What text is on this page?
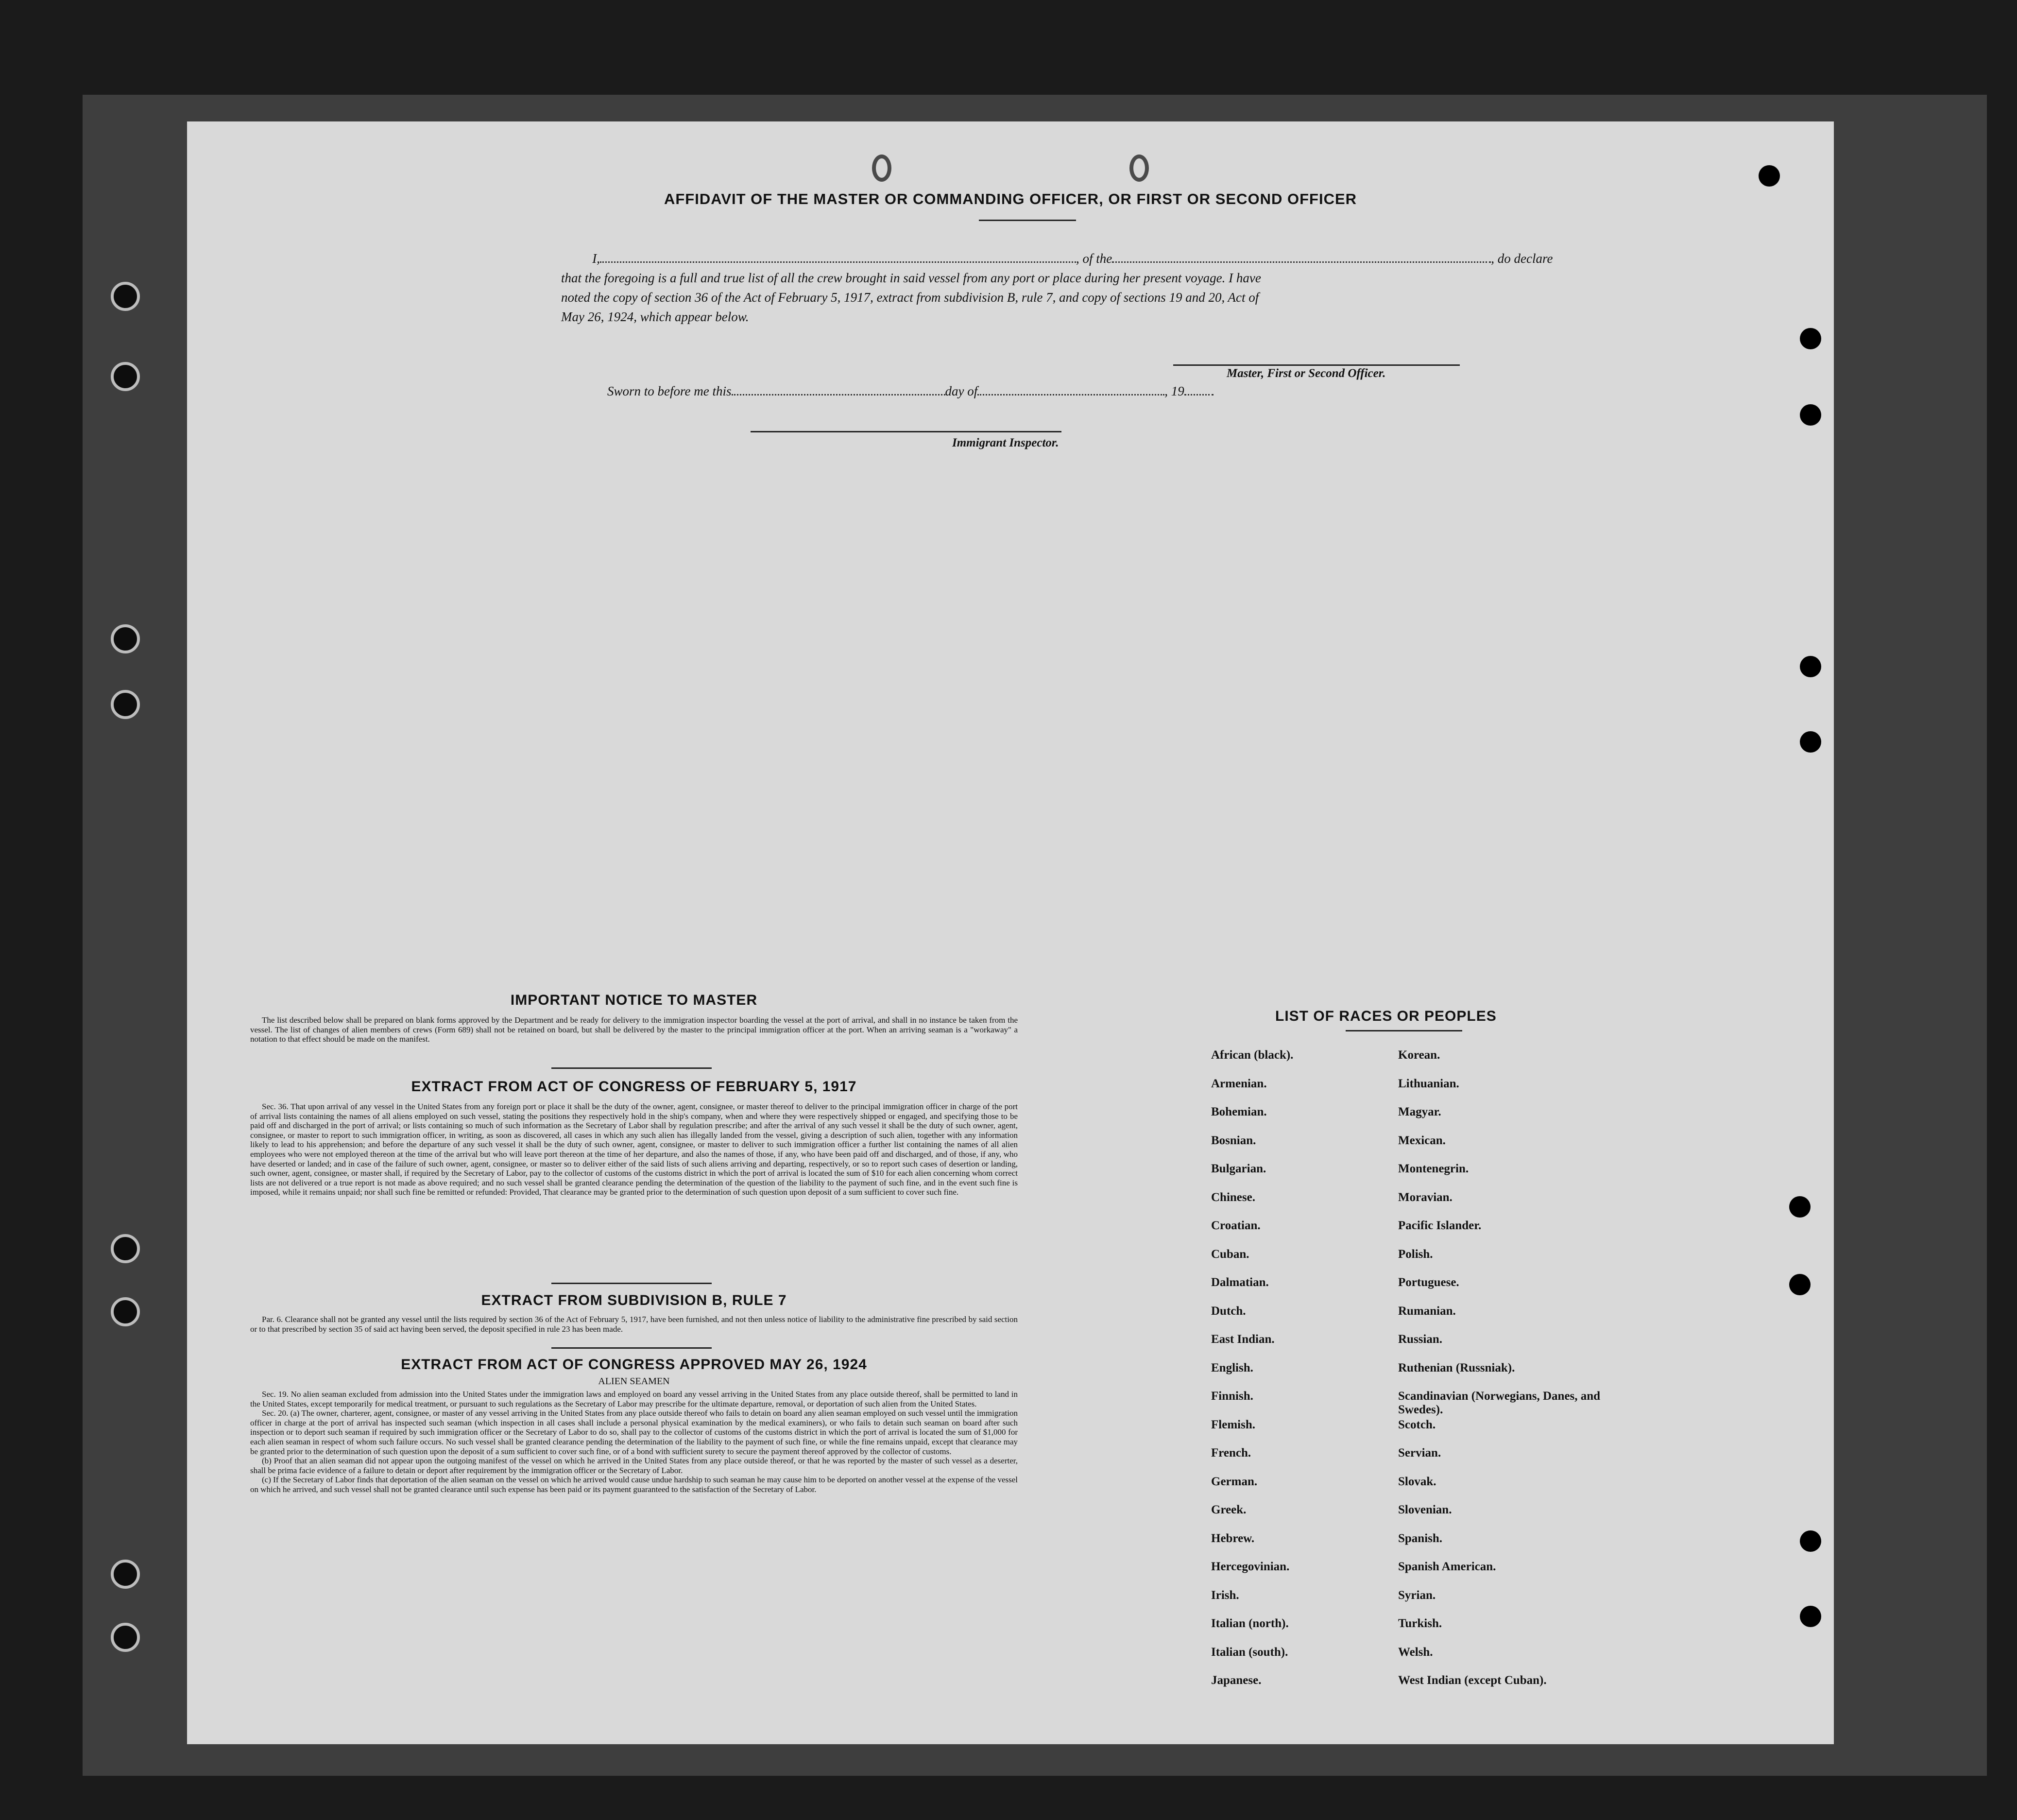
AFFIDAVIT OF THE MASTER OR COMMANDING OFFICER, OR FIRST OR SECOND OFFICER
I,	, of the	, do declare
that the foregoing is a full and true list of all the crew brought in said vessel from any port or place during her present voyage. I have
noted the copy of section 36 of the Act of February 5, 1917, extract from subdivision B, rule 7, and copy of sections 19 and 20, Act of
May 26, 1924, which appear below.
Master, First or Second Officer.
Sworn to before me this	day of	, 19
Immigrant Inspector.
IMPORTANT NOTICE TO MASTER

The list described below shall be prepared on blank forms approved by the Department and be ready for delivery to the immigration inspector boarding the vessel at the port of arrival, and shall in no instance be taken from the vessel. The list of changes of alien members of crews (Form 689) shall not be retained on board, but shall be delivered by the master to the principal immigration officer at the port. When an arriving seaman is a "workaway" a notation to that effect should be made on the manifest.

EXTRACT FROM ACT OF CONGRESS OF FEBRUARY 5, 1917

Sec. 36. That upon arrival of any vessel in the United States from any foreign port or place it shall be the duty of the owner, agent, consignee, or master thereof to deliver to the principal immigration officer in charge of the port of arrival lists containing the names of all aliens employed on such vessel, stating the positions they respectively hold in the ship's company, when and where they were respectively shipped or engaged, and specifying those to be paid off and discharged in the port of arrival; or lists containing so much of such information as the Secretary of Labor shall by regulation prescribe; and after the arrival of any such vessel it shall be the duty of such owner, agent, consignee, or master to report to such immigration officer, in writing, as soon as discovered, all cases in which any such alien has illegally landed from the vessel, giving a description of such alien, together with any information likely to lead to his apprehension; and before the departure of any such vessel it shall be the duty of such owner, agent, consignee, or master to deliver to such immigration officer a further list containing the names of all alien employees who were not employed thereon at the time of the arrival but who will leave port thereon at the time of her departure, and also the names of those, if any, who have been paid off and discharged, and of those, if any, who have deserted or landed; and in case of the failure of such owner, agent, consignee, or master so to deliver either of the said lists of such aliens arriving and departing, respectively, or so to report such cases of desertion or landing, such owner, agent, consignee, or master shall, if required by the Secretary of Labor, pay to the collector of customs of the customs district in which the port of arrival is located the sum of $10 for each alien concerning whom correct lists are not delivered or a true report is not made as above required; and no such vessel shall be granted clearance pending the determination of the question of the liability to the payment of such fine, and in the event such fine is imposed, while it remains unpaid; nor shall such fine be remitted or refunded: Provided, That clearance may be granted prior to the determination of such question upon deposit of a sum sufficient to cover such fine.

EXTRACT FROM SUBDIVISION B, RULE 7

Par. 6. Clearance shall not be granted any vessel until the lists required by section 36 of the Act of February 5, 1917, have been furnished, and not then unless notice of liability to the administrative fine prescribed by said section or to that prescribed by section 35 of said act having been served, the deposit specified in rule 23 has been made.

EXTRACT FROM ACT OF CONGRESS APPROVED MAY 26, 1924
ALIEN SEAMEN

Sec. 19. No alien seaman excluded from admission into the United States under the immigration laws and employed on board any vessel arriving in the United States from any place outside thereof, shall be permitted to land in the United States, except temporarily for medical treatment, or pursuant to such regulations as the Secretary of Labor may prescribe for the ultimate departure, removal, or deportation of such alien from the United States.

Sec. 20. (a) The owner, charterer, agent, consignee, or master of any vessel arriving in the United States from any place outside thereof who fails to detain on board any alien seaman employed on such vessel until the immigration officer in charge at the port of arrival has inspected such seaman (which inspection in all cases shall include a personal physical examination by the medical examiners), or who fails to detain such seaman on board after such inspection or to deport such seaman if required by such immigration officer or the Secretary of Labor to do so, shall pay to the collector of customs of the customs district in which the port of arrival is located the sum of $1,000 for each alien seaman in respect of whom such failure occurs. No such vessel shall be granted clearance pending the determination of the liability to the payment of such fine, or while the fine remains unpaid, except that clearance may be granted prior to the determination of such question upon the deposit of a sum sufficient to cover such fine, or of a bond with sufficient surety to secure the payment thereof approved by the collector of customs.

(b) Proof that an alien seaman did not appear upon the outgoing manifest of the vessel on which he arrived in the United States from any place outside thereof, or that he was reported by the master of such vessel as a deserter, shall be prima facie evidence of a failure to detain or deport after requirement by the immigration officer or the Secretary of Labor.

(c) If the Secretary of Labor finds that deportation of the alien seaman on the vessel on which he arrived would cause undue hardship to such seaman he may cause him to be deported on another vessel at the expense of the vessel on which he arrived, and such vessel shall not be granted clearance until such expense has been paid or its payment guaranteed to the satisfaction of the Secretary of Labor.

LIST OF RACES OR PEOPLES
African (black).
Armenian.
Bohemian.
Bosnian.
Bulgarian.
Chinese.
Croatian.
Cuban.
Dalmatian.
Dutch.
East Indian.
English.
Finnish.
Flemish.
French.
German.
Greek.
Hebrew.
Hercegovinian.
Irish.
Italian (north).
Italian (south).
Japanese.
Korean.
Lithuanian.
Magyar.
Mexican.
Montenegrin.
Moravian.
Pacific Islander.
Polish.
Portuguese.
Rumanian.
Russian.
Ruthenian (Russniak).
Scandinavian (Norwegians, Danes, and Swedes).
Scotch.
Servian.
Slovak.
Slovenian.
Spanish.
Spanish American.
Syrian.
Turkish.
Welsh.
West Indian (except Cuban).
